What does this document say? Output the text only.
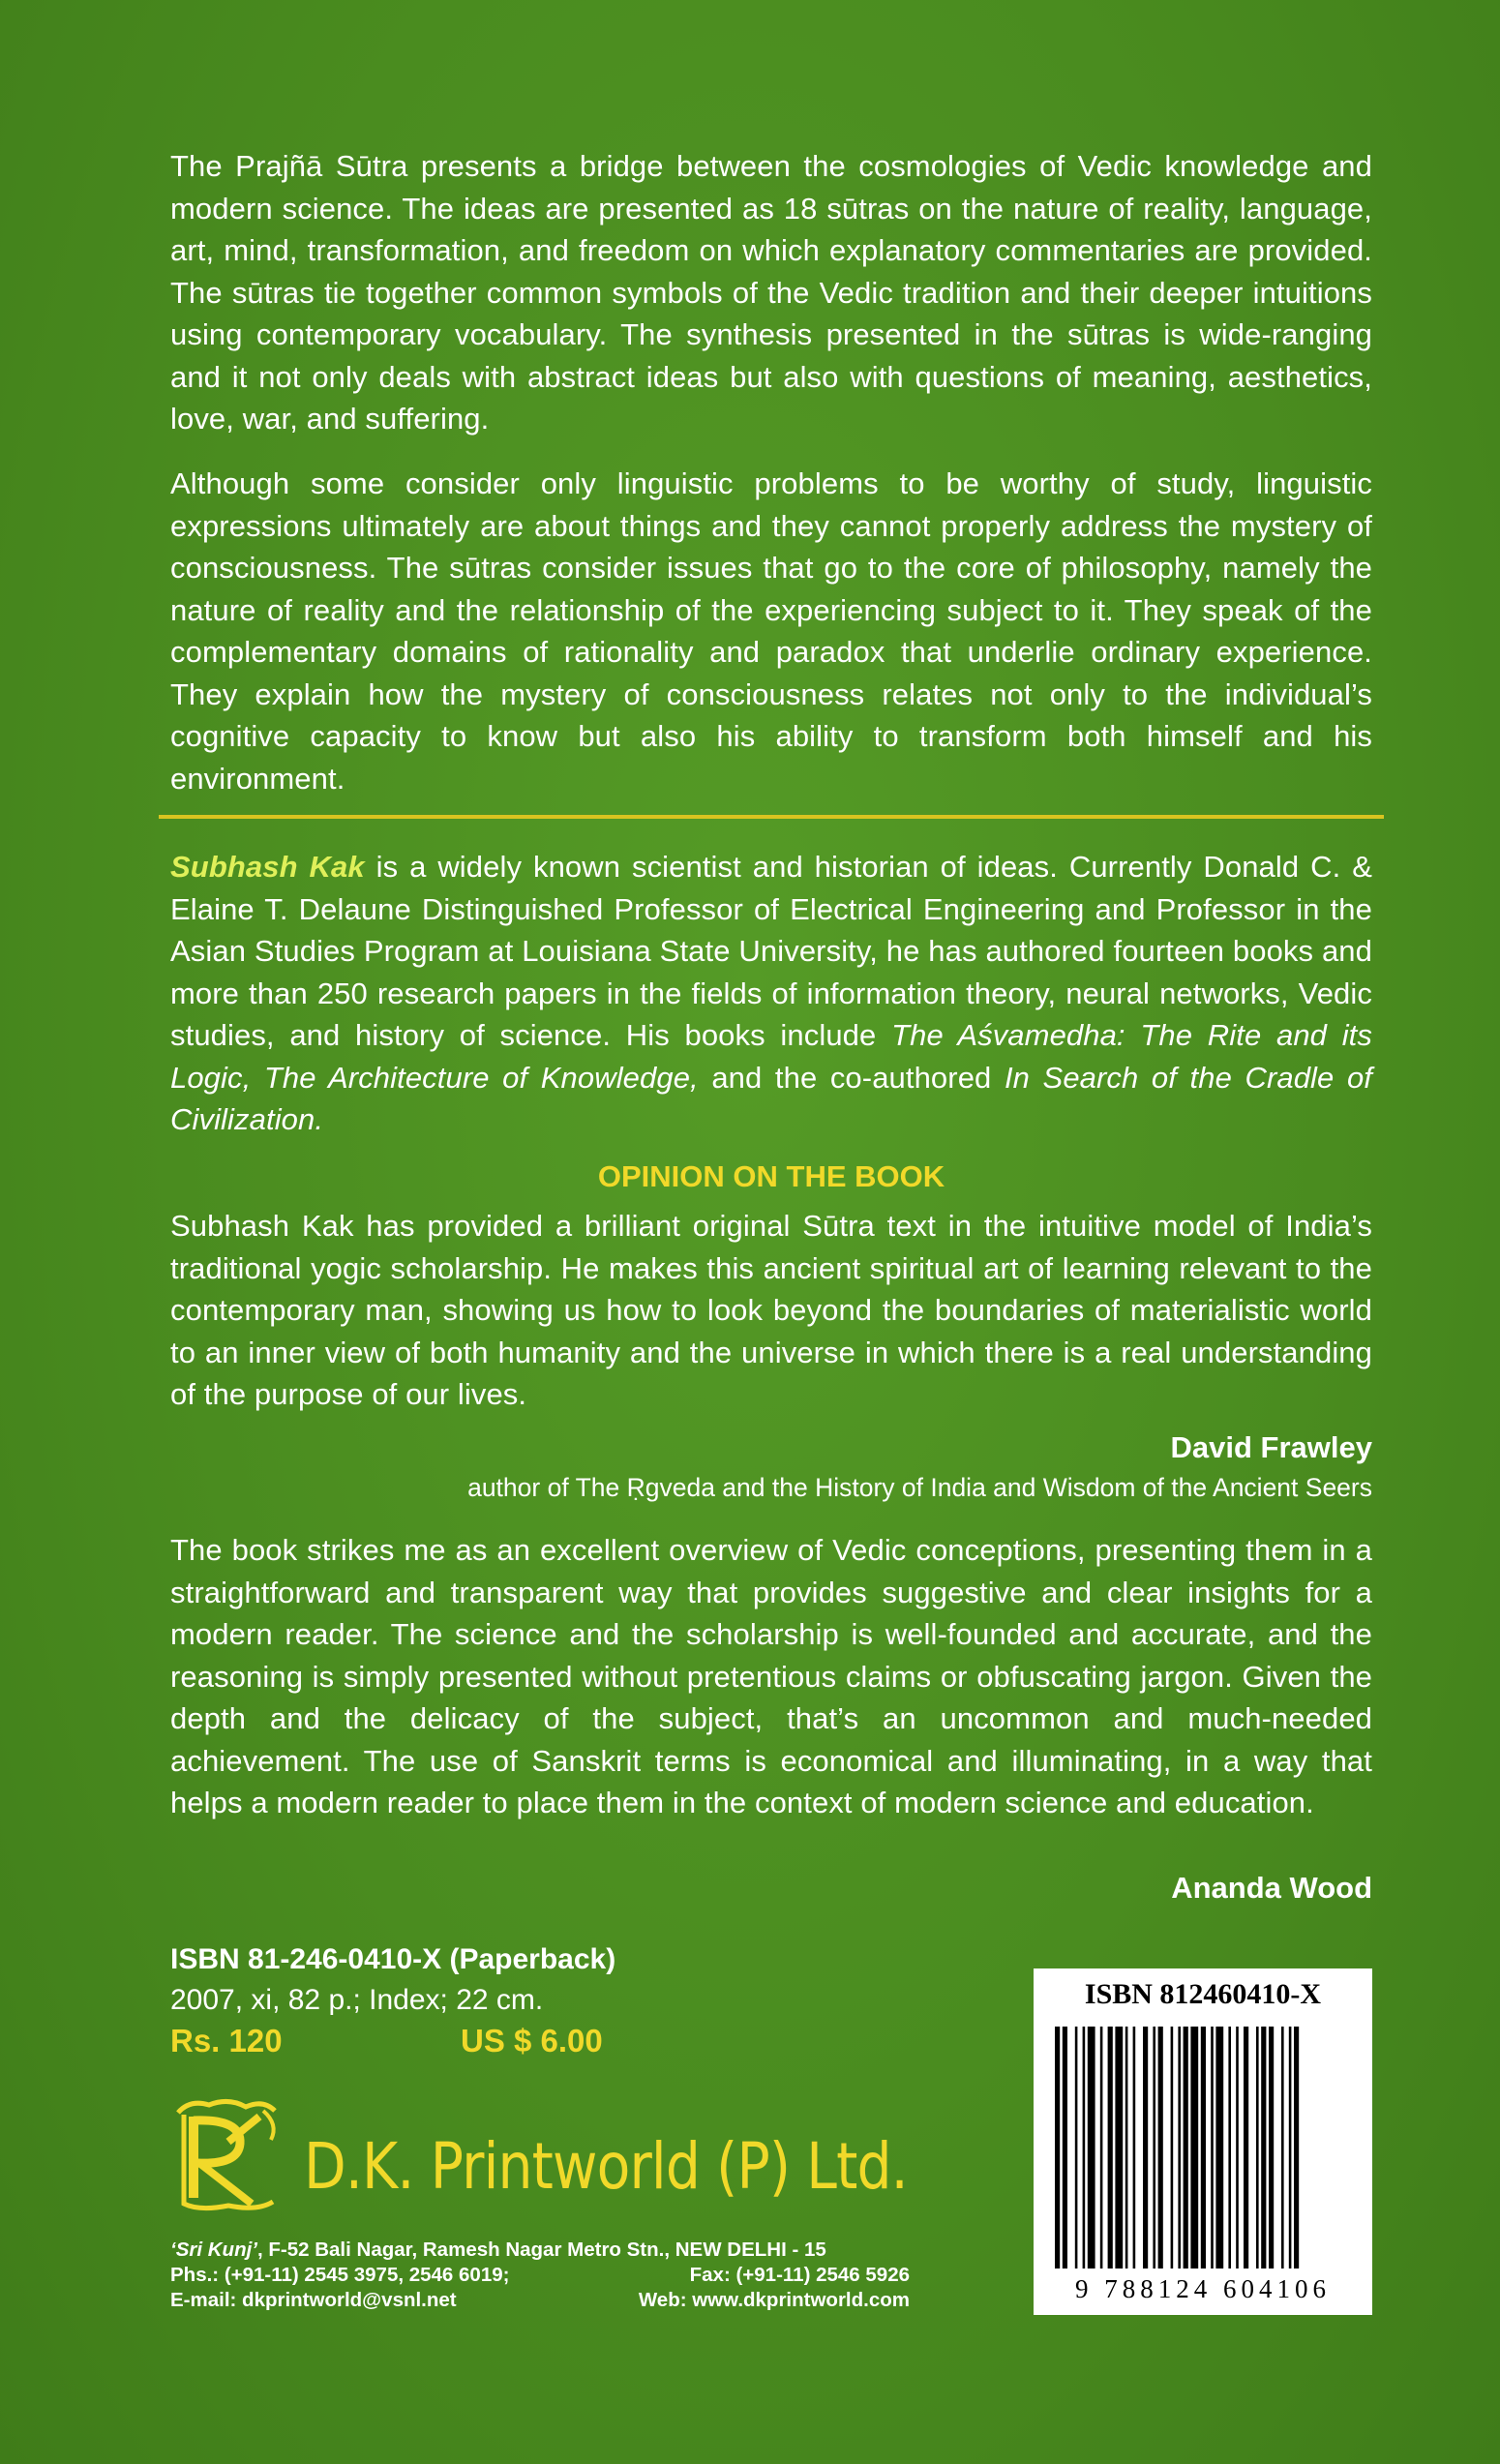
The Prajñā Sūtra presents a bridge between the cosmologies of Vedic knowledge and modern science. The ideas are presented as 18 sūtras on the nature of reality, language, art, mind, transformation, and freedom on which explanatory commentaries are provided. The sūtras tie together common symbols of the Vedic tradition and their deeper intuitions using contemporary vocabulary. The synthesis presented in the sūtras is wide-ranging and it not only deals with abstract ideas but also with questions of meaning, aesthetics, love, war, and suffering.

Although some consider only linguistic problems to be worthy of study, linguistic expressions ultimately are about things and they cannot properly address the mystery of consciousness. The sūtras consider issues that go to the core of philosophy, namely the nature of reality and the relationship of the experiencing subject to it. They speak of the complementary domains of rationality and paradox that underlie ordinary experience. They explain how the mystery of consciousness relates not only to the individual’s cognitive capacity to know but also his ability to transform both himself and his environment.

Subhash Kak is a widely known scientist and historian of ideas. Currently Donald C. & Elaine T. Delaune Distinguished Professor of Electrical Engineering and Professor in the Asian Studies Program at Louisiana State University, he has authored fourteen books and more than 250 research papers in the fields of information theory, neural networks, Vedic studies, and history of science. His books include The Aśvamedha: The Rite and its Logic, The Architecture of Knowledge, and the co-authored In Search of the Cradle of Civilization.

OPINION ON THE BOOK

Subhash Kak has provided a brilliant original Sūtra text in the intuitive model of India’s traditional yogic scholarship. He makes this ancient spiritual art of learning relevant to the contemporary man, showing us how to look beyond the boundaries of materialistic world to an inner view of both humanity and the universe in which there is a real understanding of the purpose of our lives.

David Frawley
author of The Ṛgveda and the History of India and Wisdom of the Ancient Seers

The book strikes me as an excellent overview of Vedic conceptions, presenting them in a straightforward and transparent way that provides suggestive and clear insights for a modern reader. The science and the scholarship is well-founded and accurate, and the reasoning is simply presented without pretentious claims or obfuscating jargon. Given the depth and the delicacy of the subject, that’s an uncommon and much-needed achievement. The use of Sanskrit terms is economical and illuminating, in a way that helps a modern reader to place them in the context of modern science and education.

Ananda Wood
ISBN 81-246-0410-X (Paperback)
2007, xi, 82 p.; Index; 22 cm.
Rs. 120	US $ 6.00
D.K. Printworld (P) Ltd.
‘Sri Kunj’, F-52 Bali Nagar, Ramesh Nagar Metro Stn., NEW DELHI - 15
Phs.: (+91-11) 2545 3975, 2546 6019;	Fax: (+91-11) 2546 5926
E-mail: dkprintworld@vsnl.net	Web: www.dkprintworld.com
ISBN 812460410-X
9 788124 604106
